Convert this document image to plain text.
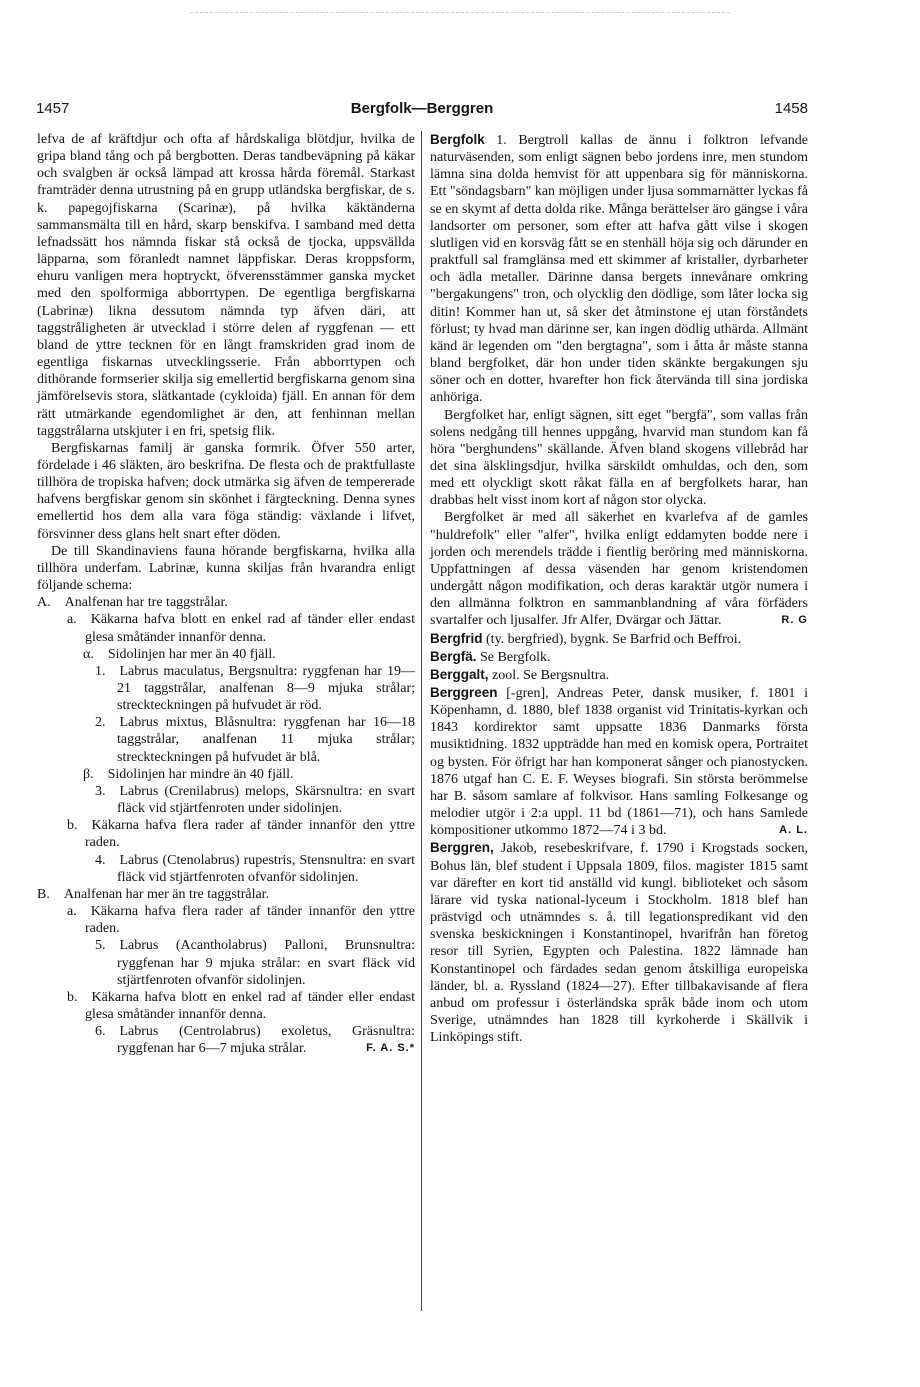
1457	Bergfolk—Berggren	1458

lefva de af kräftdjur och ofta af hårdskaliga blötdjur, hvilka de gripa bland tång och på bergbotten. Deras tandbeväpning på käkar och svalgben är också lämpad att krossa hårda föremål. Starkast framträder denna utrustning på en grupp utländska bergfiskar, de s. k. papegojfiskarna (Scarinæ), på hvilka käktänderna sammansmälta till en hård, skarp benskifva. I samband med detta lefnadssätt hos nämnda fiskar stå också de tjocka, uppsvällda läpparna, som föranledt namnet läppfiskar. Deras kroppsform, ehuru vanligen mera hoptryckt, öfverensstämmer ganska mycket med den spolformiga abborrtypen. De egentliga bergfiskarna (Labrinæ) likna dessutom nämnda typ äfven däri, att taggstråligheten är utvecklad i större delen af ryggfenan — ett bland de yttre tecknen för en långt framskriden grad inom de egentliga fiskarnas utvecklingsserie. Från abborrtypen och dithörande formserier skilja sig emellertid bergfiskarna genom sina jämförelsevis stora, slätkantade (cykloida) fjäll. En annan för dem rätt utmärkande egendomlighet är den, att fenhinnan mellan taggstrålarna utskjuter i en fri, spetsig flik.

Bergfiskarnas familj är ganska formrik. Öfver 550 arter, fördelade i 46 släkten, äro beskrifna. De flesta och de praktfullaste tillhöra de tropiska hafven; dock utmärka sig äfven de tempererade hafvens bergfiskar genom sin skönhet i färgteckning. Denna synes emellertid hos dem alla vara föga ständig: växlande i lifvet, försvinner dess glans helt snart efter döden.

De till Skandinaviens fauna hörande bergfiskarna, hvilka alla tillhöra underfam. Labrinæ, kunna skiljas från hvarandra enligt följande schema:

A. Analfenan har tre taggstrålar.

a. Käkarna hafva blott en enkel rad af tänder eller endast glesa småtänder innanför denna.

α. Sidolinjen har mer än 40 fjäll.

1. Labrus maculatus, Bergsnultra: ryggfenan har 19—21 taggstrålar, analfenan 8—9 mjuka strålar; streckteckningen på hufvudet är röd.

2. Labrus mixtus, Blåsnultra: ryggfenan har 16—18 taggstrålar, analfenan 11 mjuka strålar; streckteckningen på hufvudet är blå.

β. Sidolinjen har mindre än 40 fjäll.

3. Labrus (Crenilabrus) melops, Skärsnultra: en svart fläck vid stjärtfenroten under sidolinjen.

b. Käkarna hafva flera rader af tänder innanför den yttre raden.

4. Labrus (Ctenolabrus) rupestris, Stensnultra: en svart fläck vid stjärtfenroten ofvanför sidolinjen.

B. Analfenan har mer än tre taggstrålar.

a. Käkarna hafva flera rader af tänder innanför den yttre raden.

5. Labrus (Acantholabrus) Palloni, Brunsnultra: ryggfenan har 9 mjuka strålar: en svart fläck vid stjärtfenroten ofvanför sidolinjen.

b. Käkarna hafva blott en enkel rad af tänder eller endast glesa småtänder innanför denna.

6. Labrus (Centrolabrus) exoletus, Gräsnultra: ryggfenan har 6—7 mjuka strålar.	F. A. S.*

Bergfolk 1. Bergtroll kallas de ännu i folktron lefvande naturväsenden, som enligt sägnen bebo jordens inre, men stundom lämna sina dolda hemvist för att uppenbara sig för människorna. Ett "söndagsbarn" kan möjligen under ljusa sommarnätter lyckas få se en skymt af detta dolda rike. Många berättelser äro gängse i våra landsorter om personer, som efter att hafva gått vilse i skogen slutligen vid en korsväg fått se en stenhäll höja sig och därunder en praktfull sal framglänsa med ett skimmer af kristaller, dyrbarheter och ädla metaller. Därinne dansa bergets innevånare omkring "bergakungens" tron, och olycklig den dödlige, som låter locka sig ditin! Kommer han ut, så sker det åtminstone ej utan förståndets förlust; ty hvad man därinne ser, kan ingen dödlig uthärda. Allmänt känd är legenden om "den bergtagna", som i åtta år måste stanna bland bergfolket, där hon under tiden skänkte bergakungen sju söner och en dotter, hvarefter hon fick återvända till sina jordiska anhöriga.

Bergfolket har, enligt sägnen, sitt eget "bergfä", som vallas från solens nedgång till hennes uppgång, hvarvid man stundom kan få höra "berghundens" skällande. Äfven bland skogens villebråd har det sina älsklingsdjur, hvilka särskildt omhuldas, och den, som med ett olyckligt skott råkat fälla en af bergfolkets harar, han drabbas helt visst inom kort af någon stor olycka.

Bergfolket är med all säkerhet en kvarlefva af de gamles "huldrefolk" eller "alfer", hvilka enligt eddamyten bodde nere i jorden och merendels trädde i fientlig beröring med människorna. Uppfattningen af dessa väsenden har genom kristendomen undergått någon modifikation, och deras karaktär utgör numera i den allmänna folktron en sammanblandning af våra förfäders svartalfer och ljusalfer. Jfr Alfer, Dvärgar och Jättar.	R. G

Bergfrid (ty. bergfried), bygnk. Se Barfrid och Beffroi.

Bergfä. Se Bergfolk.

Berggalt, zool. Se Bergsnultra.

Berggreen [-gren], Andreas Peter, dansk musiker, f. 1801 i Köpenhamn, d. 1880, blef 1838 organist vid Trinitatis-kyrkan och 1843 kordirektor samt uppsatte 1836 Danmarks första musiktidning. 1832 uppträdde han med en komisk opera, Portraitet og bysten. För öfrigt har han komponerat sånger och pianostycken. 1876 utgaf han C. E. F. Weyses biografi. Sin största berömmelse har B. såsom samlare af folkvisor. Hans samling Folkesange og melodier utgör i 2:a uppl. 11 bd (1861—71), och hans Samlede kompositioner utkommo 1872—74 i 3 bd.	A. L.

Berggren, Jakob, resebeskrifvare, f. 1790 i Krogstads socken, Bohus län, blef student i Uppsala 1809, filos. magister 1815 samt var därefter en kort tid anställd vid kungl. biblioteket och såsom lärare vid tyska national-lyceum i Stockholm. 1818 blef han prästvigd och utnämndes s. å. till legationspredikant vid den svenska beskickningen i Konstantinopel, hvarifrån han företog resor till Syrien, Egypten och Palestina. 1822 lämnade han Konstantinopel och färdades sedan genom åtskilliga europeiska länder, bl. a. Ryssland (1824—27). Efter tillbakavisande af flera anbud om professur i österländska språk både inom och utom Sverige, utnämndes han 1828 till kyrkoherde i Skällvik i Linköpings stift.
